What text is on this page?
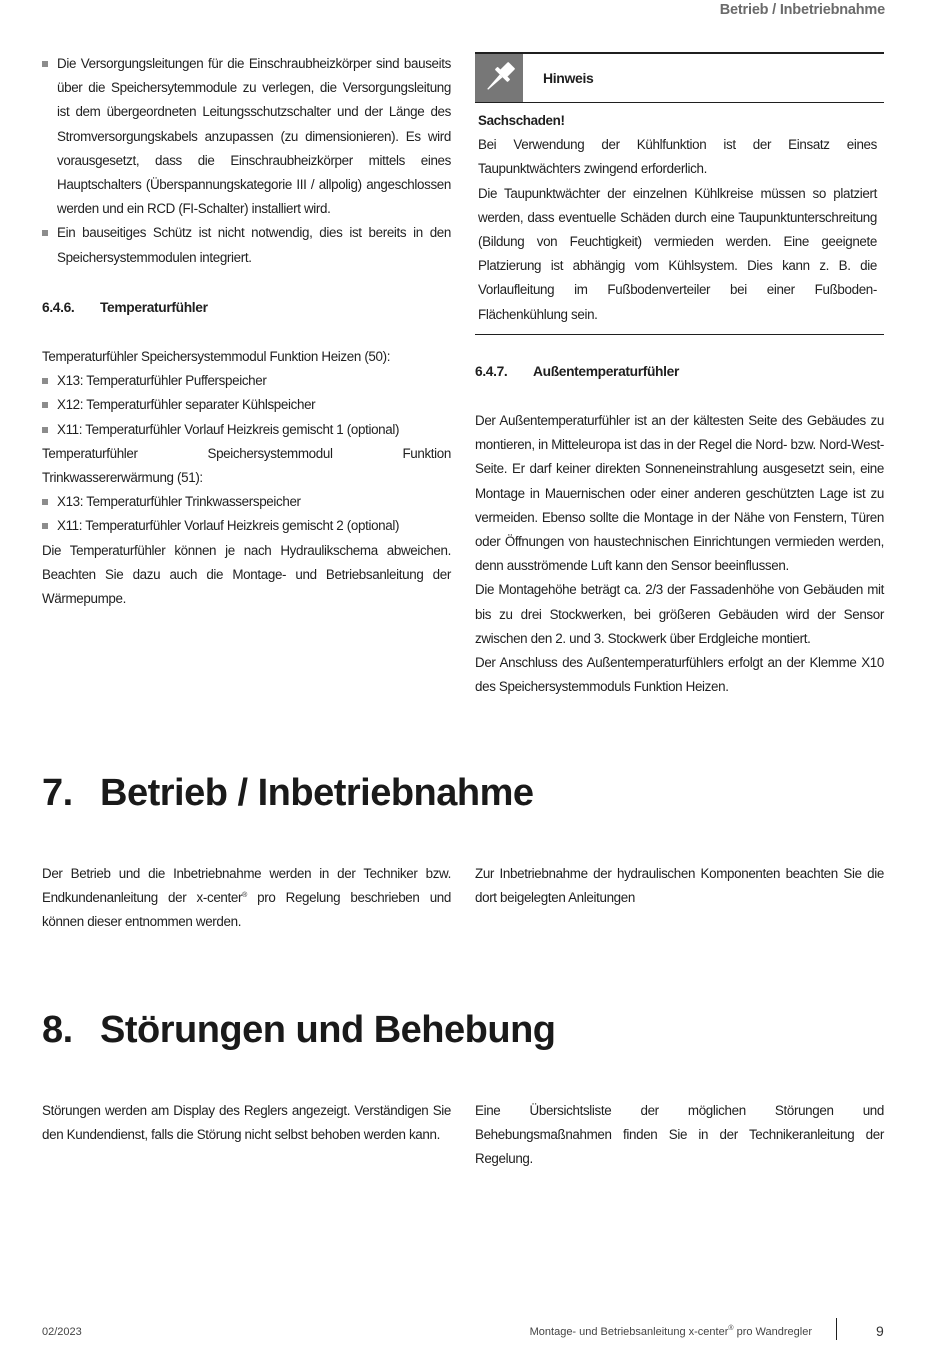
Betrieb / Inbetriebnahme
Die Versorgungsleitungen für die Einschraubheizkörper sind bauseits über die Speichersytemmodule zu verlegen, die Versorgungsleitung ist dem übergeordneten Leitungsschutzschalter und der Länge des Stromversorgungskabels anzupassen (zu dimensionieren). Es wird vorausgesetzt, dass die Einschraubheizkörper mittels eines Hauptschalters (Überspannungskategorie III / allpolig) angeschlossen werden und ein RCD (FI-Schalter) installiert wird.
Ein bauseitiges Schütz ist nicht notwendig, dies ist bereits in den Speichersystemmodulen integriert.
6.4.6. Temperaturfühler

Temperaturfühler Speichersystemmodul Funktion Heizen (50):

X13: Temperaturfühler Pufferspeicher
X12: Temperaturfühler separater Kühlspeicher
X11: Temperaturfühler Vorlauf Heizkreis gemischt 1 (optional)

Temperaturfühler Speichersystemmodul Funktion Trinkwassererwärmung (51):

X13: Temperaturfühler Trinkwasserspeicher
X11: Temperaturfühler Vorlauf Heizkreis gemischt 2 (optional)

Die Temperaturfühler können je nach Hydraulikschema abweichen. Beachten Sie dazu auch die Montage- und Betriebsanleitung der Wärmepumpe.

Hinweis
Sachschaden!

Bei Verwendung der Kühlfunktion ist der Einsatz eines Taupunktwächters zwingend erforderlich.

Die Taupunktwächter der einzelnen Kühlkreise müssen so platziert werden, dass eventuelle Schäden durch eine Taupunktunterschreitung (Bildung von Feuchtigkeit) vermieden werden. Eine geeignete Platzierung ist abhängig vom Kühlsystem. Dies kann z. B. die Vorlaufleitung im Fußbodenverteiler bei einer Fußboden-Flächenkühlung sein.

6.4.7. Außentemperaturfühler

Der Außentemperaturfühler ist an der kältesten Seite des Gebäudes zu montieren, in Mitteleuropa ist das in der Regel die Nord- bzw. Nord-West-Seite. Er darf keiner direkten Sonneneinstrahlung ausgesetzt sein, eine Montage in Mauernischen oder einer anderen geschützten Lage ist zu vermeiden. Ebenso sollte die Montage in der Nähe von Fenstern, Türen oder Öffnungen von haustechnischen Einrichtungen vermieden werden, denn ausströmende Luft kann den Sensor beeinflussen.

Die Montagehöhe beträgt ca. 2/3 der Fassadenhöhe von Gebäuden mit bis zu drei Stockwerken, bei größeren Gebäuden wird der Sensor zwischen den 2. und 3. Stockwerk über Erdgleiche montiert.

Der Anschluss des Außentemperaturfühlers erfolgt an der Klemme X10 des Speichersystemmoduls Funktion Heizen.

7. Betrieb / Inbetriebnahme

Der Betrieb und die Inbetriebnahme werden in der Techniker bzw. Endkundenanleitung der x-center® pro Regelung beschrieben und können dieser entnommen werden.

Zur Inbetriebnahme der hydraulischen Komponenten beachten Sie die dort beigelegten Anleitungen

8. Störungen und Behebung

Störungen werden am Display des Reglers angezeigt. Verständigen Sie den Kundendienst, falls die Störung nicht selbst behoben werden kann.

Eine Übersichtsliste der möglichen Störungen und Behebungsmaßnahmen finden Sie in der Technikeranleitung der Regelung.

02/2023	Montage- und Betriebsanleitung x-center® pro Wandregler	9
